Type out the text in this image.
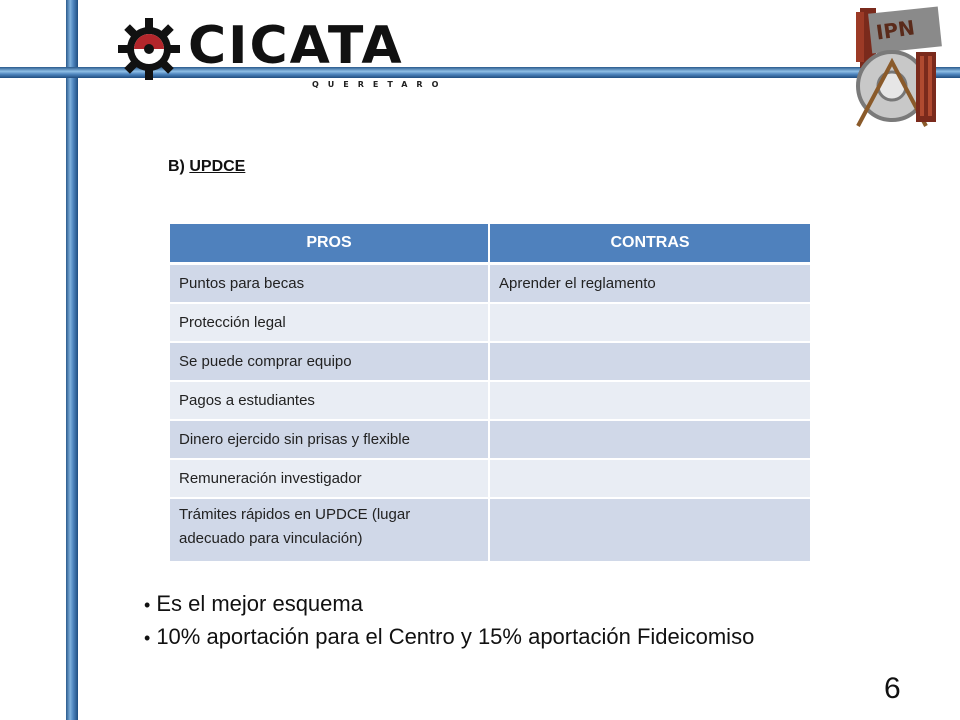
CICATA
QUERETARO
IPN
B) UPDCE
PROS	CONTRAS
Puntos para becas	Aprender el reglamento
Protección legal	
Se puede comprar equipo	
Pagos a estudiantes	
Dinero ejercido sin prisas y flexible	
Remuneración investigador	
Trámites rápidos en UPDCE (lugar adecuado para vinculación)	
• Es el mejor esquema
• 10% aportación para el Centro y 15% aportación Fideicomiso
6
